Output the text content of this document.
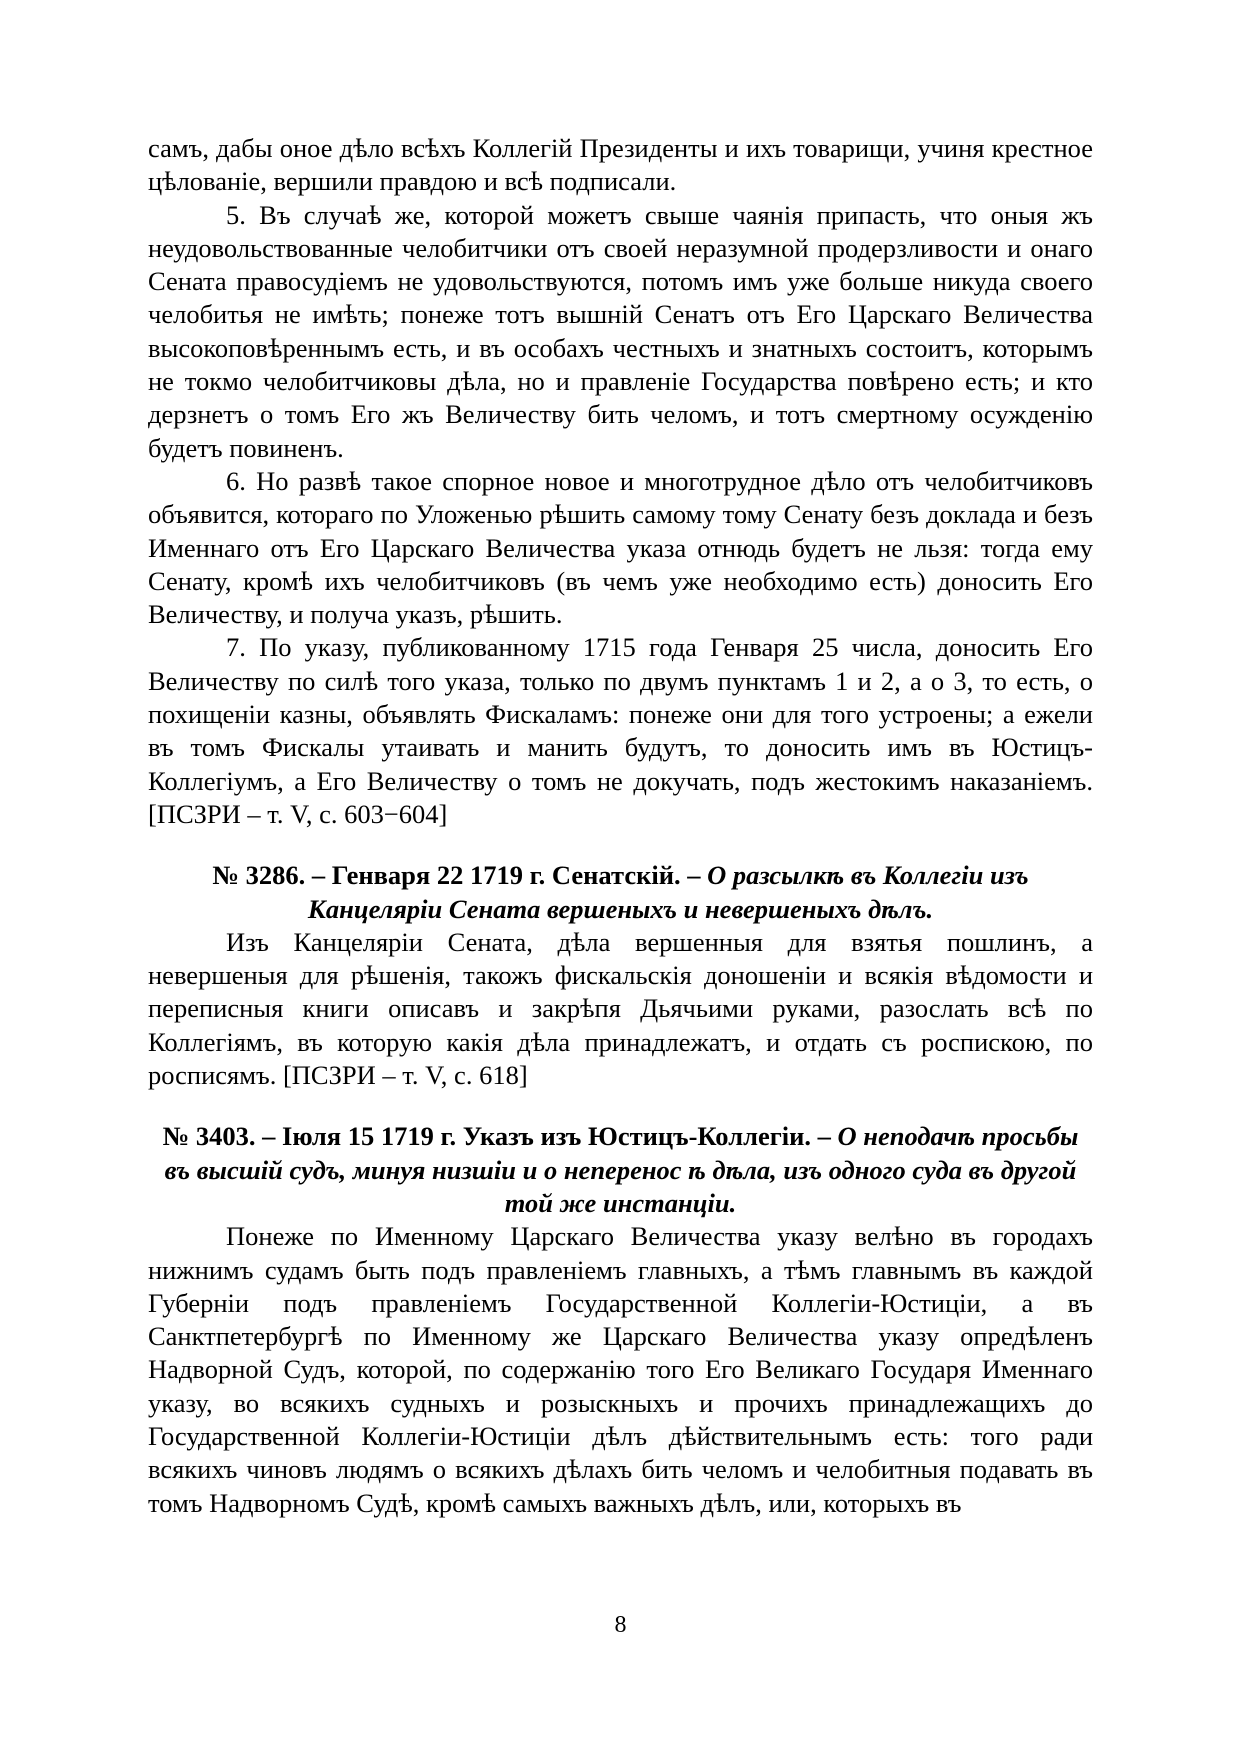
самъ, дабы оное дѣло всѣхъ Коллегій Президенты и ихъ товарищи, учиня крестное цѣлованіе, вершили правдою и всѣ подписали.

5. Въ случаѣ же, которой можетъ свыше чаянія припасть, что оныя жъ неудовольствованные челобитчики отъ своей неразумной продерзливости и онаго Сената правосудіемъ не удовольствуются, потомъ имъ уже больше никуда своего челобитья не имѣть; понеже тотъ вышній Сенатъ отъ Его Царскаго Величества высокоповѣреннымъ есть, и въ особахъ честныхъ и знатныхъ состоитъ, которымъ не токмо челобитчиковы дѣла, но и правленіе Государства повѣрено есть; и кто дерзнетъ о томъ Его жъ Величеству бить челомъ, и тотъ смертному осужденію будетъ повиненъ.

6. Но развѣ такое спорное новое и многотрудное дѣло отъ челобитчиковъ объявится, котораго по Уложенью рѣшить самому тому Сенату безъ доклада и безъ Именнаго отъ Его Царскаго Величества указа отнюдь будетъ не льзя: тогда ему Сенату, кромѣ ихъ челобитчиковъ (въ чемъ уже необходимо есть) доносить Его Величеству, и получа указъ, рѣшить.

7. По указу, публикованному 1715 года Генваря 25 числа, доносить Его Величеству по силѣ того указа, только по двумъ пунктамъ 1 и 2, а о 3, то есть, о похищеніи казны, объявлять Фискаламъ: понеже они для того устроены; а ежели въ томъ Фискалы утаивать и манить будутъ, то доносить имъ въ Юстицъ-Коллегіумъ, а Его Величеству о томъ не докучать, подъ жестокимъ наказаніемъ. [ПСЗРИ – т. V, с. 603−604]

№ 3286. – Генваря 22 1719 г. Сенатскій. – О разсылкѣ въ Коллегіи изъ Канцеляріи Сената вершеныхъ и невершеныхъ дѣлъ.

Изъ Канцеляріи Сената, дѣла вершенныя для взятья пошлинъ, а невершеныя для рѣшенія, такожъ фискальскія доношеніи и всякія вѣдомости и переписныя книги описавъ и закрѣпя Дьячьими руками, разослать всѣ по Коллегіямъ, въ которую какія дѣла принадлежатъ, и отдать съ роспискою, по росписямъ. [ПСЗРИ – т. V, с. 618]

№ 3403. – Іюля 15 1719 г. Указъ изъ Юстицъ-Коллегіи. – О неподачѣ просьбы въ высшій судъ, минуя низшіи и о неперенос ѣ дѣла, изъ одного суда въ другой той же инстанціи.

Понеже по Именному Царскаго Величества указу велѣно въ городахъ нижнимъ судамъ быть подъ правленіемъ главныхъ, а тѣмъ главнымъ въ каждой Губерніи подъ правленіемъ Государственной Коллегіи-Юстиціи, а въ Санктпетербургѣ по Именному же Царскаго Величества указу опредѣленъ Надворной Судъ, которой, по содержанію того Его Великаго Государя Именнаго указу, во всякихъ судныхъ и розыскныхъ и прочихъ принадлежащихъ до Государственной Коллегіи-Юстиціи дѣлъ дѣйствительнымъ есть: того ради всякихъ чиновъ людямъ о всякихъ дѣлахъ бить челомъ и челобитныя подавать въ томъ Надворномъ Судѣ, кромѣ самыхъ важныхъ дѣлъ, или, которыхъ въ

8
